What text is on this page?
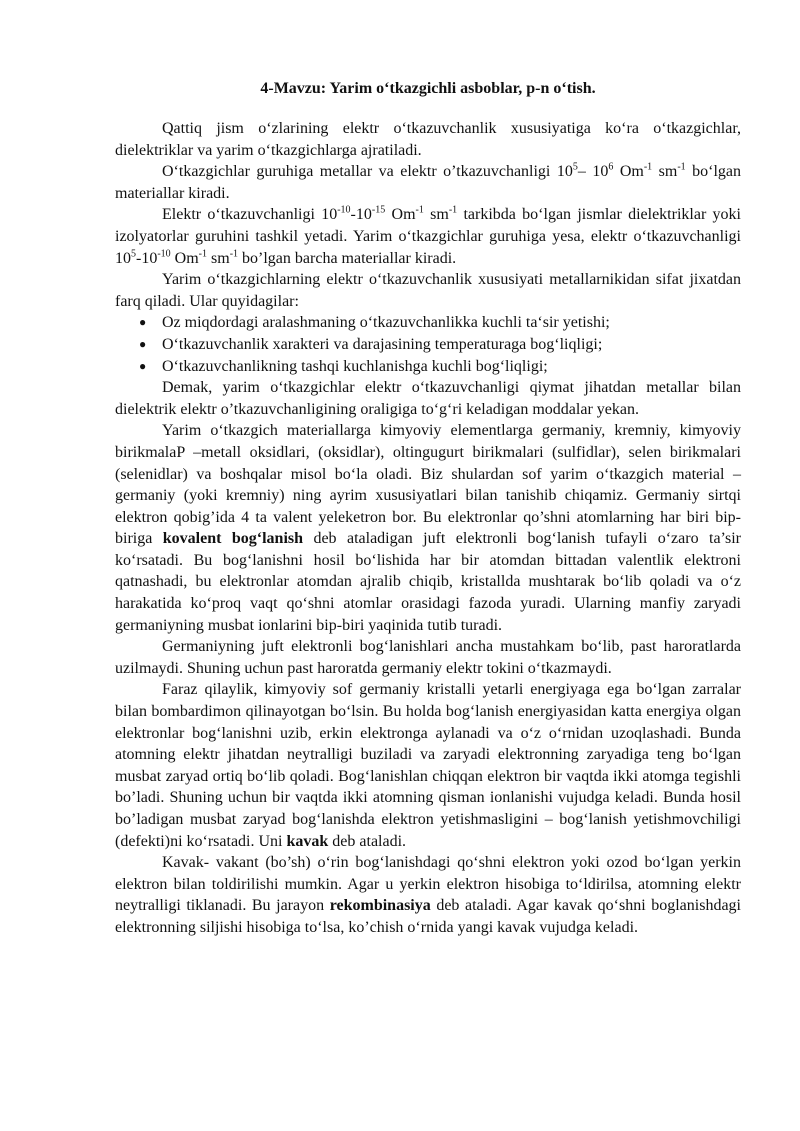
4-Mavzu: Yarim o‘tkazgichli asboblar, p-n o‘tish.

Qattiq jism o‘zlarining elektr o‘tkazuvchanlik xususiyatiga ko‘ra o‘tkazgichlar, dielektriklar va yarim o‘tkazgichlarga ajratiladi.

O‘tkazgichlar guruhiga metallar va elektr o’tkazuvchanligi $10^5-$ $10^6$ $Om^{-1}$ $sm^{-1}$ bo‘lgan materiallar kiradi.

Elektr o‘tkazuvchanligi $10^{-10}-10^{-15}$ $Om^{-1}$ $sm^{-1}$ tarkibda bo‘lgan jismlar dielektriklar yoki izolyatorlar guruhini tashkil yetadi. Yarim o‘tkazgichlar guruhiga yesa, elektr o‘tkazuvchanligi $10^5-10^{-10}$ $Om^{-1}$ $sm^{-1}$ bo’lgan barcha materiallar kiradi.

Yarim o‘tkazgichlarning elektr o‘tkazuvchanlik xususiyati metallarnikidan sifat jixatdan farq qiladi. Ular quyidagilar:

● Oz miqdordagi aralashmaning o‘tkazuvchanlikka kuchli ta‘sir yetishi;
● O‘tkazuvchanlik xarakteri va darajasining temperaturaga bog‘liqligi;
● O‘tkazuvchanlikning tashqi kuchlanishga kuchli bog‘liqligi;

Demak, yarim o‘tkazgichlar elektr o‘tkazuvchanligi qiymat jihatdan metallar bilan dielektrik elektr o’tkazuvchanligining oraligiga to‘g‘ri keladigan moddalar yekan.

Yarim o‘tkazgich materiallarga kimyoviy elementlarga germaniy, kremniy, kimyoviy birikmalaP –metall oksidlari, (oksidlar), oltingugurt birikmalari (sulfidlar), selen birikmalari (selenidlar) va boshqalar misol bo‘la oladi. Biz shulardan sof yarim o‘tkazgich material – germaniy (yoki kremniy) ning ayrim xususiyatlari bilan tanishib chiqamiz. Germaniy sirtqi elektron qobig’ida 4 ta valent yeleketron bor. Bu elektronlar qo’shni atomlarning har biri bip-biriga kovalent bog‘lanish deb ataladigan juft elektronli bog‘lanish tufayli o‘zaro ta’sir ko‘rsatadi. Bu bog‘lanishni hosil bo‘lishida har bir atomdan bittadan valentlik elektroni qatnashadi, bu elektronlar atomdan ajralib chiqib, kristallda mushtarak bo‘lib qoladi va o‘z harakatida ko‘proq vaqt qo‘shni atomlar orasidagi fazoda yuradi. Ularning manfiy zaryadi germaniyning musbat ionlarini bip-biri yaqinida tutib turadi.

Germaniyning juft elektronli bog‘lanishlari ancha mustahkam bo‘lib, past haroratlarda uzilmaydi. Shuning uchun past haroratda germaniy elektr tokini o‘tkazmaydi.

Faraz qilaylik, kimyoviy sof germaniy kristalli yetarli energiyaga ega bo‘lgan zarralar bilan bombardimon qilinayotgan bo‘lsin. Bu holda bog‘lanish energiyasidan katta energiya olgan elektronlar bog‘lanishni uzib, erkin elektronga aylanadi va o‘z o‘rnidan uzoqlashadi. Bunda atomning elektr jihatdan neytralligi buziladi va zaryadi elektronning zaryadiga teng bo‘lgan musbat zaryad ortiq bo‘lib qoladi. Bog‘lanishlan chiqqan elektron bir vaqtda ikki atomga tegishli bo’ladi. Shuning uchun bir vaqtda ikki atomning qisman ionlanishi vujudga keladi. Bunda hosil bo’ladigan musbat zaryad bog‘lanishda elektron yetishmasligini – bog‘lanish yetishmovchiligi (defekti)ni ko‘rsatadi. Uni kavak deb ataladi.

Kavak- vakant (bo’sh) o‘rin bog‘lanishdagi qo‘shni elektron yoki ozod bo‘lgan yerkin elektron bilan toldirilishi mumkin. Agar u yerkin elektron hisobiga to‘ldirilsa, atomning elektr neytralligi tiklanadi. Bu jarayon rekombinasiya deb ataladi. Agar kavak qo‘shni boglanishdagi elektronning siljishi hisobiga to‘lsa, ko’chish o‘rnida yangi kavak vujudga keladi.
